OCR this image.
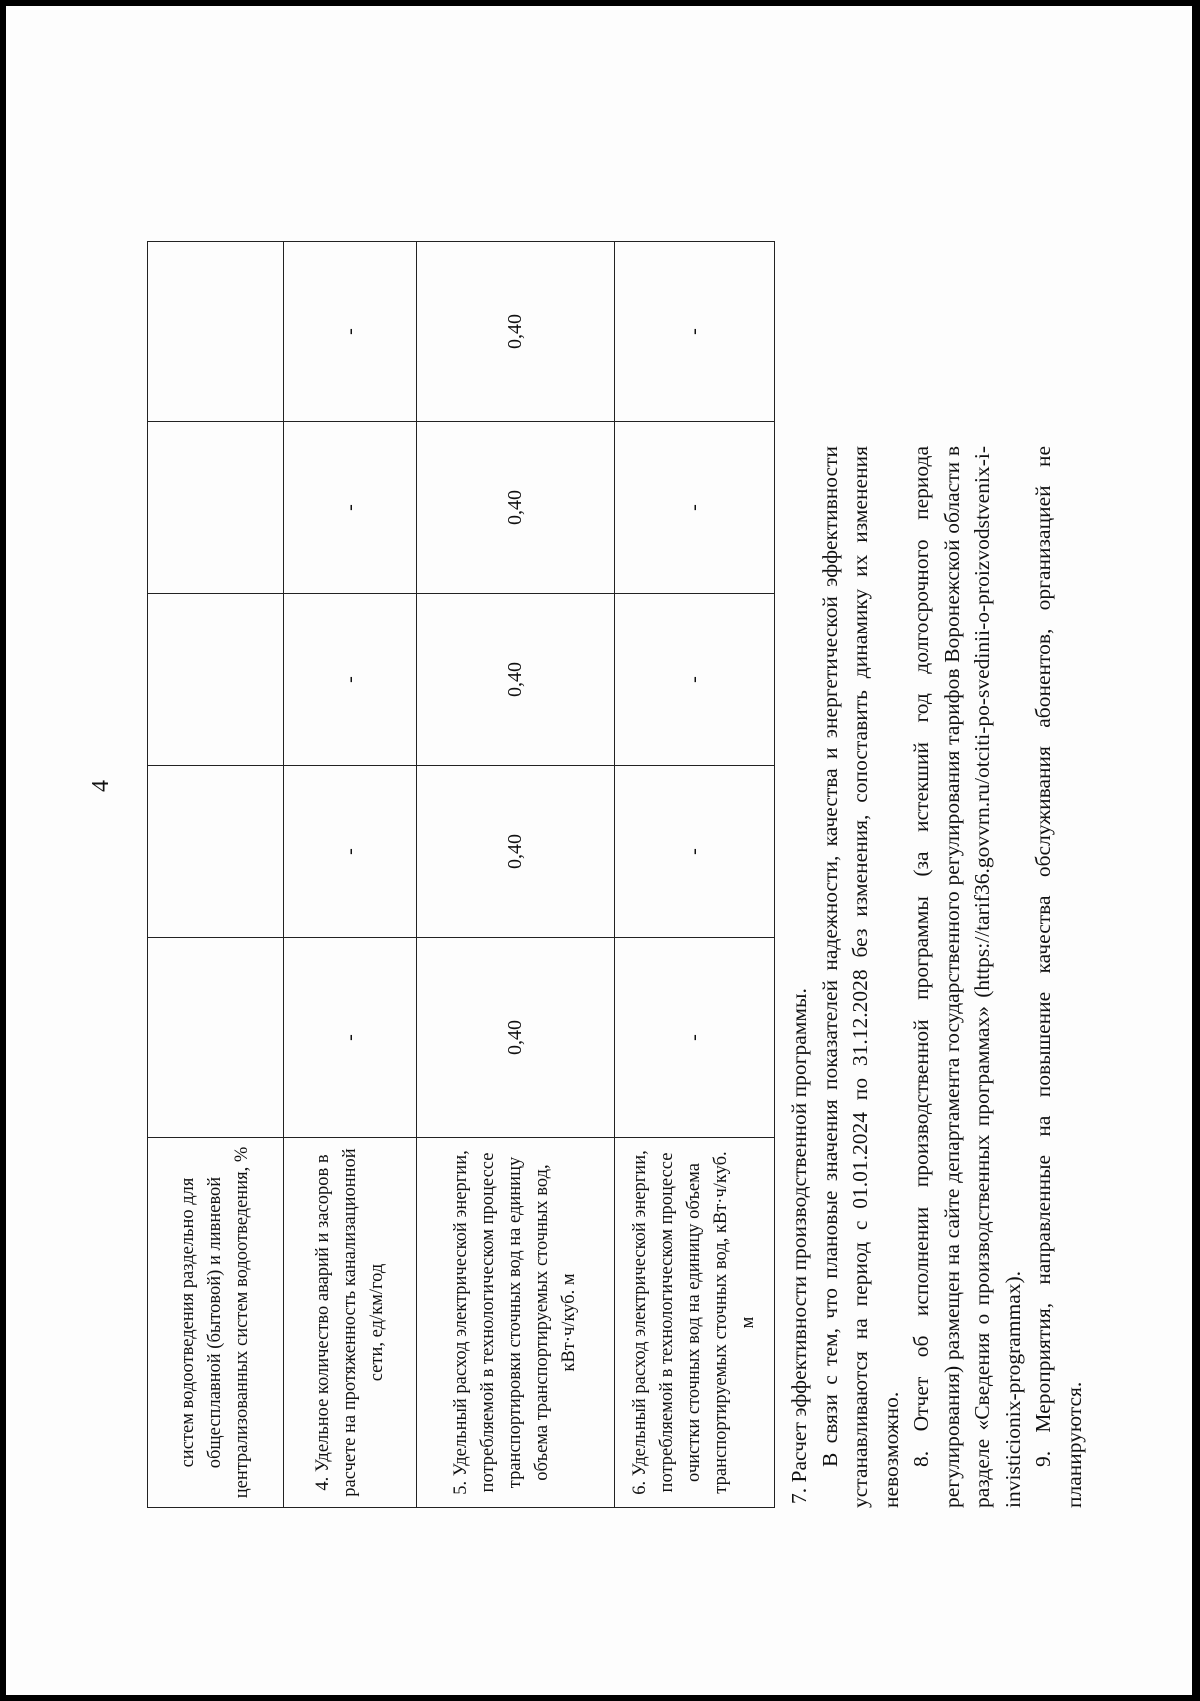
4
систем водоотведения раздельно для общесплавной (бытовой) и ливневой централизованных систем водоотведения, %					
4. Удельное количество аварий и засоров в расчете на протяженность канализационной сети, ед/км/год	-	-	-	-	-
5. Удельный расход электрической энергии, потребляемой в технологическом процессе транспортировки сточных вод на единицу объема транспортируемых сточных вод, кВт·ч/куб. м	0,40	0,40	0,40	0,40	0,40
6. Удельный расход электрической энергии, потребляемой в технологическом процессе очистки сточных вод на единицу объема транспортируемых сточных вод, кВт·ч/куб. м	-	-	-	-	-

7. Расчет эффективности производственной программы. В связи с тем, что плановые значения показателей надежности, качества и энергетической эффективности устанавливаются на период с 01.01.2024 по 31.12.2028 без изменения, сопоставить динамику их изменения невозможно. 8. Отчет об исполнении производственной программы (за истекший год долгосрочного периода регулирования) размещен на сайте департамента государственного регулирования тарифов Воронежской области в разделе «Сведения о производственных программах» (https://tarif36.govvrn.ru/otciti-po-svedinii-o-proizvodstvenix-i-invisticionix-programmax). 9. Мероприятия, направленные на повышение качества обслуживания абонентов, организацией не планируются.
